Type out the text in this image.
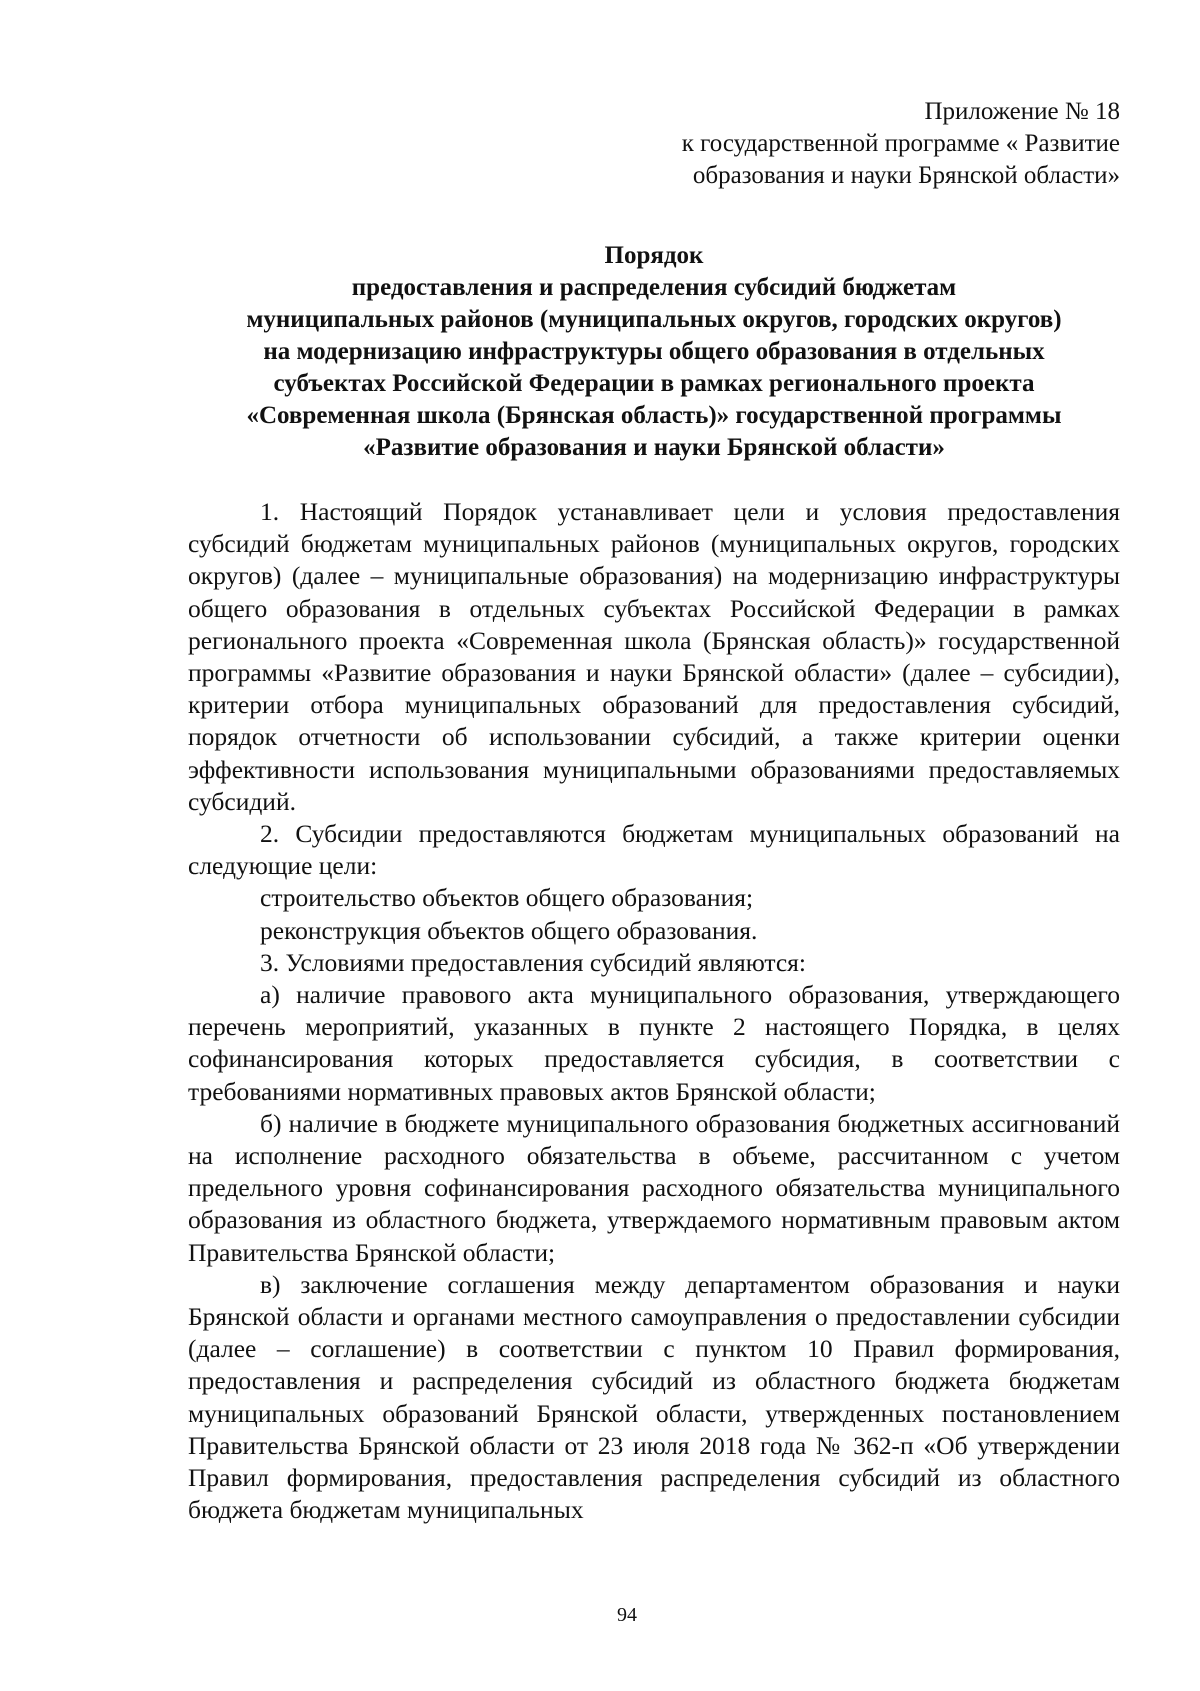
Приложение № 18
к государственной программе « Развитие
образования и науки Брянской области»
Порядок
предоставления и распределения субсидий бюджетам
муниципальных районов (муниципальных округов, городских округов)
на модернизацию инфраструктуры общего образования в отдельных
субъектах Российской Федерации в рамках регионального проекта
«Современная школа (Брянская область)» государственной программы
«Развитие образования и науки Брянской области»

1. Настоящий Порядок устанавливает цели и условия предоставления субсидий бюджетам муниципальных районов (муниципальных округов, городских округов) (далее – муниципальные образования) на модернизацию инфраструктуры общего образования в отдельных субъектах Российской Федерации в рамках регионального проекта «Современная школа (Брянская область)» государственной программы «Развитие образования и науки Брянской области» (далее – субсидии), критерии отбора муниципальных образований для предоставления субсидий, порядок отчетности об использовании субсидий, а также критерии оценки эффективности использования муниципальными образованиями предоставляемых субсидий.

2. Субсидии предоставляются бюджетам муниципальных образований на следующие цели:

строительство объектов общего образования;

реконструкция объектов общего образования.

3. Условиями предоставления субсидий являются:

а) наличие правового акта муниципального образования, утверждающего перечень мероприятий, указанных в пункте 2 настоящего Порядка, в целях софинансирования которых предоставляется субсидия, в соответствии с требованиями нормативных правовых актов Брянской области;

б) наличие в бюджете муниципального образования бюджетных ассигнований на исполнение расходного обязательства в объеме, рассчитанном с учетом предельного уровня софинансирования расходного обязательства муниципального образования из областного бюджета, утверждаемого нормативным правовым актом Правительства Брянской области;

в) заключение соглашения между департаментом образования и науки Брянской области и органами местного самоуправления о предоставлении субсидии (далее – соглашение) в соответствии с пунктом 10 Правил формирования, предоставления и распределения субсидий из областного бюджета бюджетам муниципальных образований Брянской области, утвержденных постановлением Правительства Брянской области от 23 июля 2018 года № 362-п «Об утверждении Правил формирования, предоставления распределения субсидий из областного бюджета бюджетам муниципальных

94
